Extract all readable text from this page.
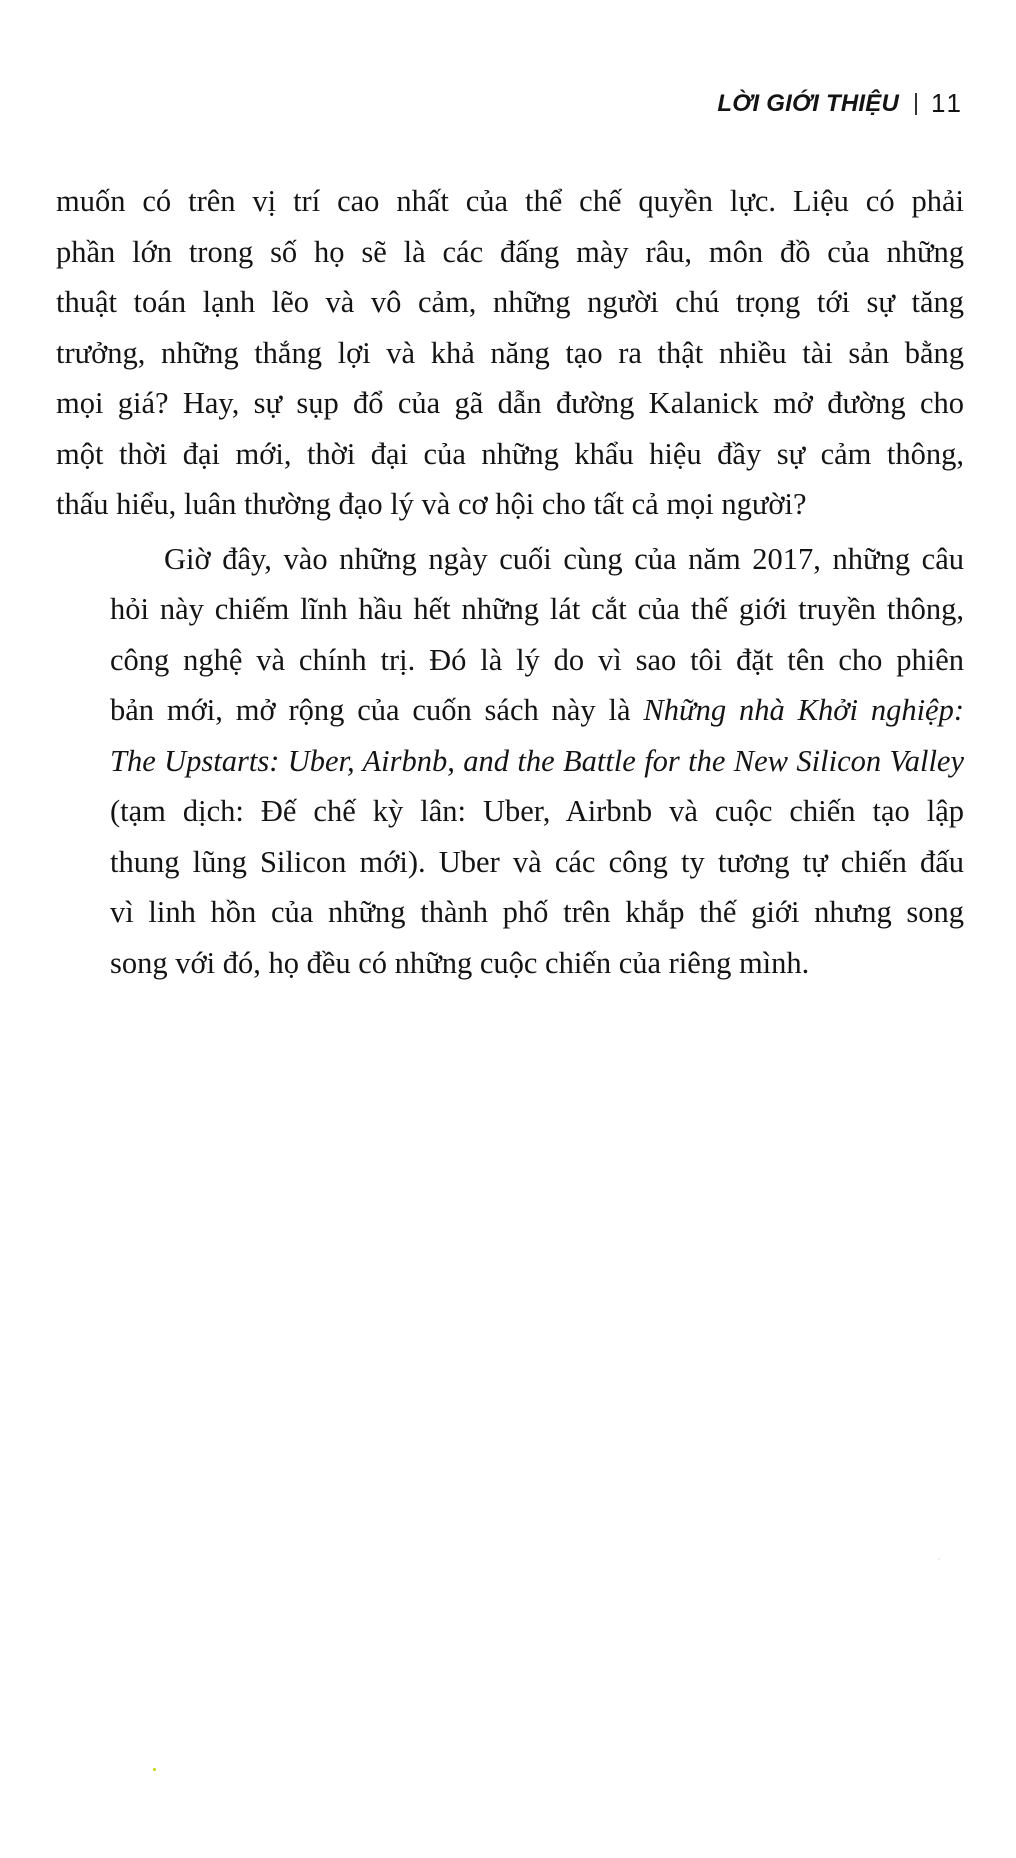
LỜI GIỚI THIỆU 11
muốn có trên vị trí cao nhất của thể chế quyền lực. Liệu có phải
phần lớn trong số họ sẽ là các đấng mày râu, môn đồ của những
thuật toán lạnh lẽo và vô cảm, những người chú trọng tới sự tăng
trưởng, những thắng lợi và khả năng tạo ra thật nhiều tài sản bằng
mọi giá? Hay, sự sụp đổ của gã dẫn đường Kalanick mở đường cho
một thời đại mới, thời đại của những khẩu hiệu đầy sự cảm thông,
thấu hiểu, luân thường đạo lý và cơ hội cho tất cả mọi người?
Giờ đây, vào những ngày cuối cùng của năm 2017, những câu
hỏi này chiếm lĩnh hầu hết những lát cắt của thế giới truyền thông,
công nghệ và chính trị. Đó là lý do vì sao tôi đặt tên cho phiên
bản mới, mở rộng của cuốn sách này là Những nhà Khởi nghiệp:
The Upstarts: Uber, Airbnb, and the Battle for the New Silicon Valley
(tạm dịch: Đế chế kỳ lân: Uber, Airbnb và cuộc chiến tạo lập
thung lũng Silicon mới). Uber và các công ty tương tự chiến đấu
vì linh hồn của những thành phố trên khắp thế giới nhưng song
song với đó, họ đều có những cuộc chiến của riêng mình.
